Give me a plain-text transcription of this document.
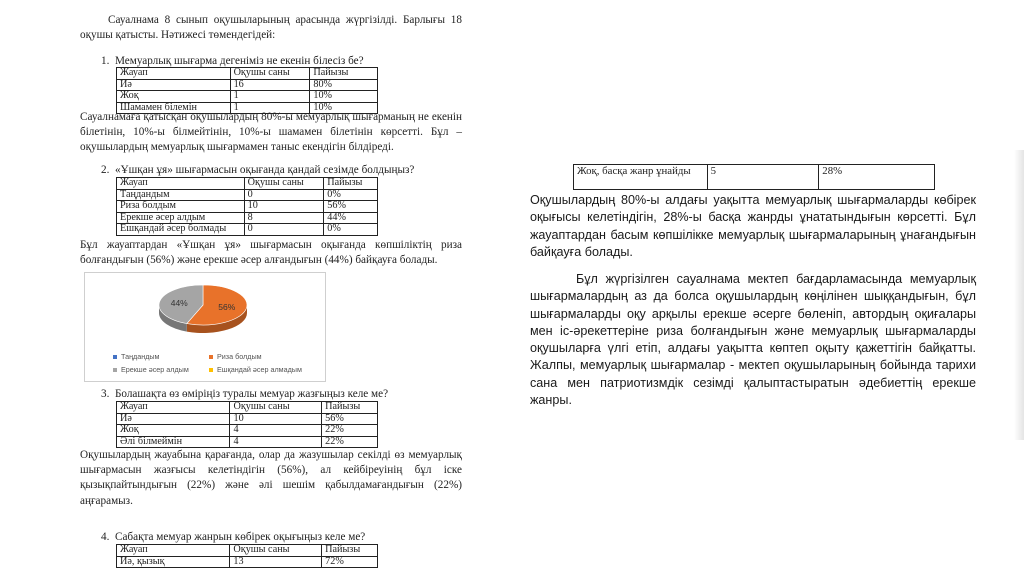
Сауалнама 8 сынып оқушыларының арасында жүргізілді. Барлығы 18 оқушы қатысты. Нәтижесі төмендегідей:

1. Мемуарлық шығарма дегеніміз не екенін білесіз бе?

Жауап	Оқушы саны	Пайызы
Иә	16	80%
Жоқ	1	10%
Шамамен білемін	1	10%

Сауалнамаға қатысқан оқушылардың 80%-ы мемуарлық шығарманың не екенін білетінін, 10%-ы білмейтінін, 10%-ы шамамен білетінін көрсетті. Бұл – оқушылардың мемуарлық шығармамен таныс екендігін білдіреді.

2. «Ұшқан ұя» шығармасын оқығанда қандай сезімде болдыңыз?

Жауап	Оқушы саны	Пайызы
Таңдандым	0	0%
Риза болдым	10	56%
Ерекше әсер алдым	8	44%
Ешқандай әсер болмады	0	0%

Бұл жауаптардан «Ұшқан ұя» шығармасын оқығанда көпшіліктің риза болғандығын (56%) және ерекше әсер алғандығын (44%) байқауға болады.

56%
44%
Таңдандым	Риза болдым
Ерекше әсер алдым	Ешқандай әсер алмадым

3. Болашақта өз өміріңіз туралы мемуар жазғыңыз келе ме?

Жауап	Оқушы саны	Пайызы
Иә	10	56%
Жоқ	4	22%
Әлі білмеймін	4	22%

Оқушылардың жауабына қарағанда, олар да жазушылар секілді өз мемуарлық шығармасын жазғысы келетіндігін (56%), ал кейбіреуінің бұл іске қызықпайтындығын (22%) және әлі шешім қабылдамағандығын (22%) аңғарамыз.

4. Сабақта мемуар жанрын көбірек оқығыңыз келе ме?

Жауап	Оқушы саны	Пайызы
Иә, қызық	13	72%
Жоқ, басқа жанр ұнайды	5	28%

Оқушылардың 80%-ы алдағы уақытта мемуарлық шығармаларды көбірек оқығысы келетіндігін, 28%-ы басқа жанрды ұнататындығын көрсетті. Бұл жауаптардан басым көпшілікке мемуарлық шығармаларының ұнағандығын байқауға болады.

Бұл жүргізілген сауалнама мектеп бағдарламасында мемуарлық шығармалардың аз да болса оқушылардың көңілінен шыққандығын, бұл шығармаларды оқу арқылы ерекше әсерге бөленіп, автордың оқиғалары мен іс-әрекеттеріне риза болғандығын және мемуарлық шығармаларды оқушыларға үлгі етіп, алдағы уақытта көптеп оқыту қажеттігін байқатты. Жалпы, мемуарлық шығармалар - мектеп оқушыларының бойында тарихи сана мен патриотизмдік сезімді қалыптастыратын әдебиеттің ерекше жанры.
